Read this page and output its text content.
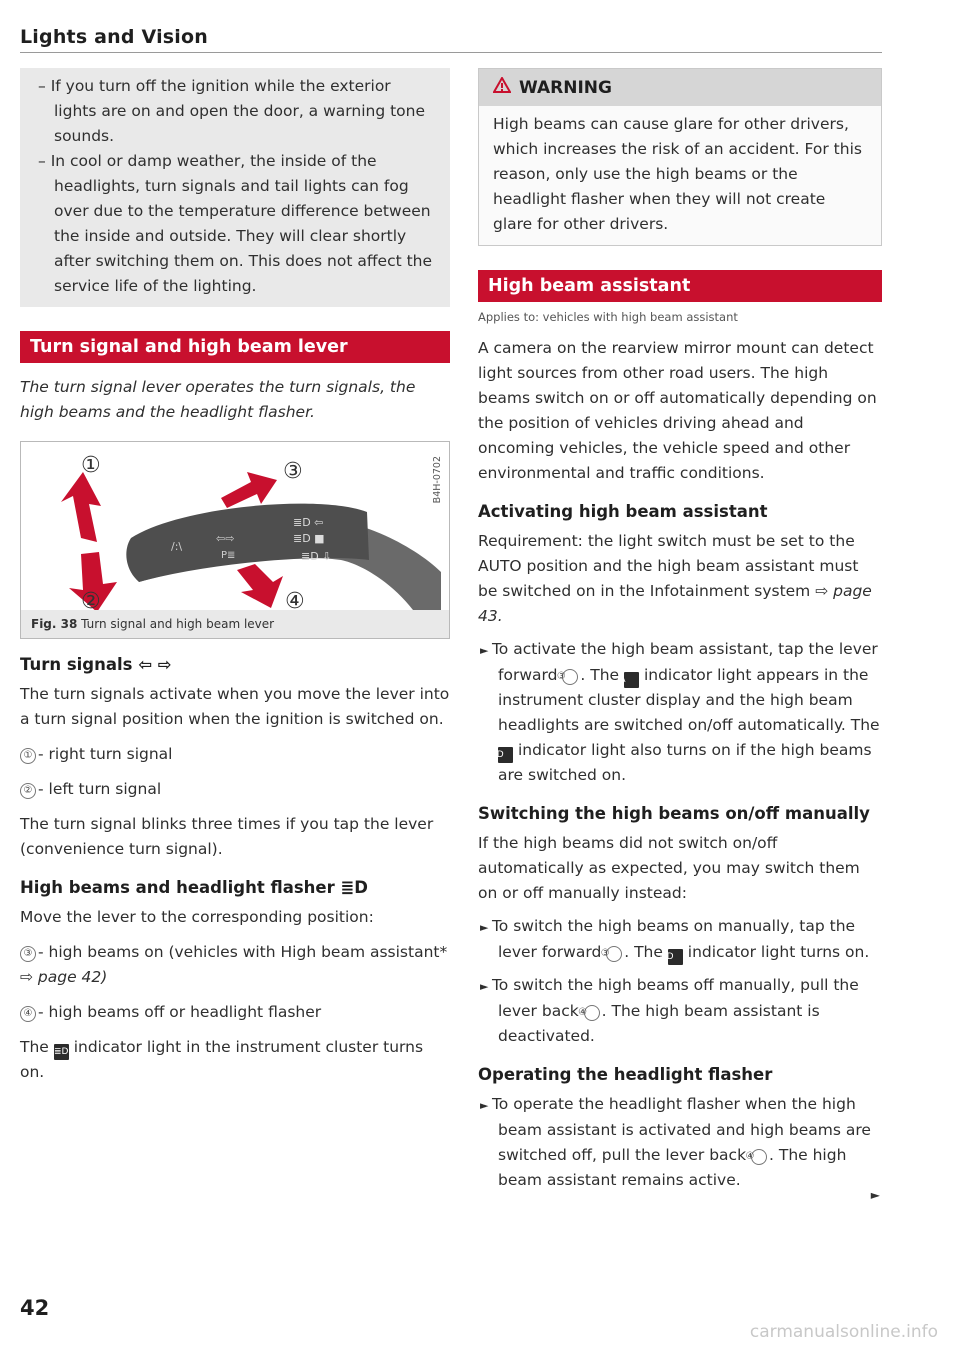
Lights and Vision
– If you turn off the ignition while the exterior lights are on and open the door, a warning tone sounds.
– In cool or damp weather, the inside of the headlights, turn signals and tail lights can fog over due to the temperature difference between the inside and outside. They will clear shortly after switching them on. This does not affect the service life of the lighting.
Turn signal and high beam lever

The turn signal lever operates the turn signals, the high beams and the headlight flasher.

/:\
⇦⇨
P≣
≣D ⇦
≣D ■
≣D ⇩
①
②
③
④
B4H-0702
Fig. 38 Turn signal and high beam lever
Turn signals ⇦ ⇨

The turn signals activate when you move the lever into a turn signal position when the ignition is switched on.

① - right turn signal

② - left turn signal

The turn signal blinks three times if you tap the lever (convenience turn signal).

High beams and headlight flasher ≣D

Move the lever to the corresponding position:

③ - high beams on (vehicles with High beam assistant* ⇨ page 42)

④ - high beams off or headlight flasher

The ≣D indicator light in the instrument cluster turns on.

WARNING

High beams can cause glare for other drivers, which increases the risk of an accident. For this reason, only use the high beams or the headlight flasher when they will not create glare for other drivers.

High beam assistant
Applies to: vehicles with high beam assistant

A camera on the rearview mirror mount can detect light sources from other road users. The high beams switch on or off automatically depending on the position of vehicles driving ahead and oncoming vehicles, the vehicle speed and other environmental and traffic conditions.

Activating high beam assistant

Requirement: the light switch must be set to the AUTO position and the high beam assistant must be switched on in the Infotainment system ⇨ page 43.

► To activate the high beam assistant, tap the lever forward ③ . The A indicator light appears in the instrument cluster display and the high beam headlights are switched on/off automatically. The ≣D indicator light also turns on if the high beams are switched on.
Switching the high beams on/off manually

If the high beams did not switch on/off automatically as expected, you may switch them on or off manually instead:

► To switch the high beams on manually, tap the lever forward ③ . The ≣D indicator light turns on.
► To switch the high beams off manually, pull the lever back ④ . The high beam assistant is deactivated.
Operating the headlight flasher
► To operate the headlight flasher when the high beam assistant is activated and high beams are switched off, pull the lever back ④ . The high beam assistant remains active.
►
42
carmanualsonline.info
